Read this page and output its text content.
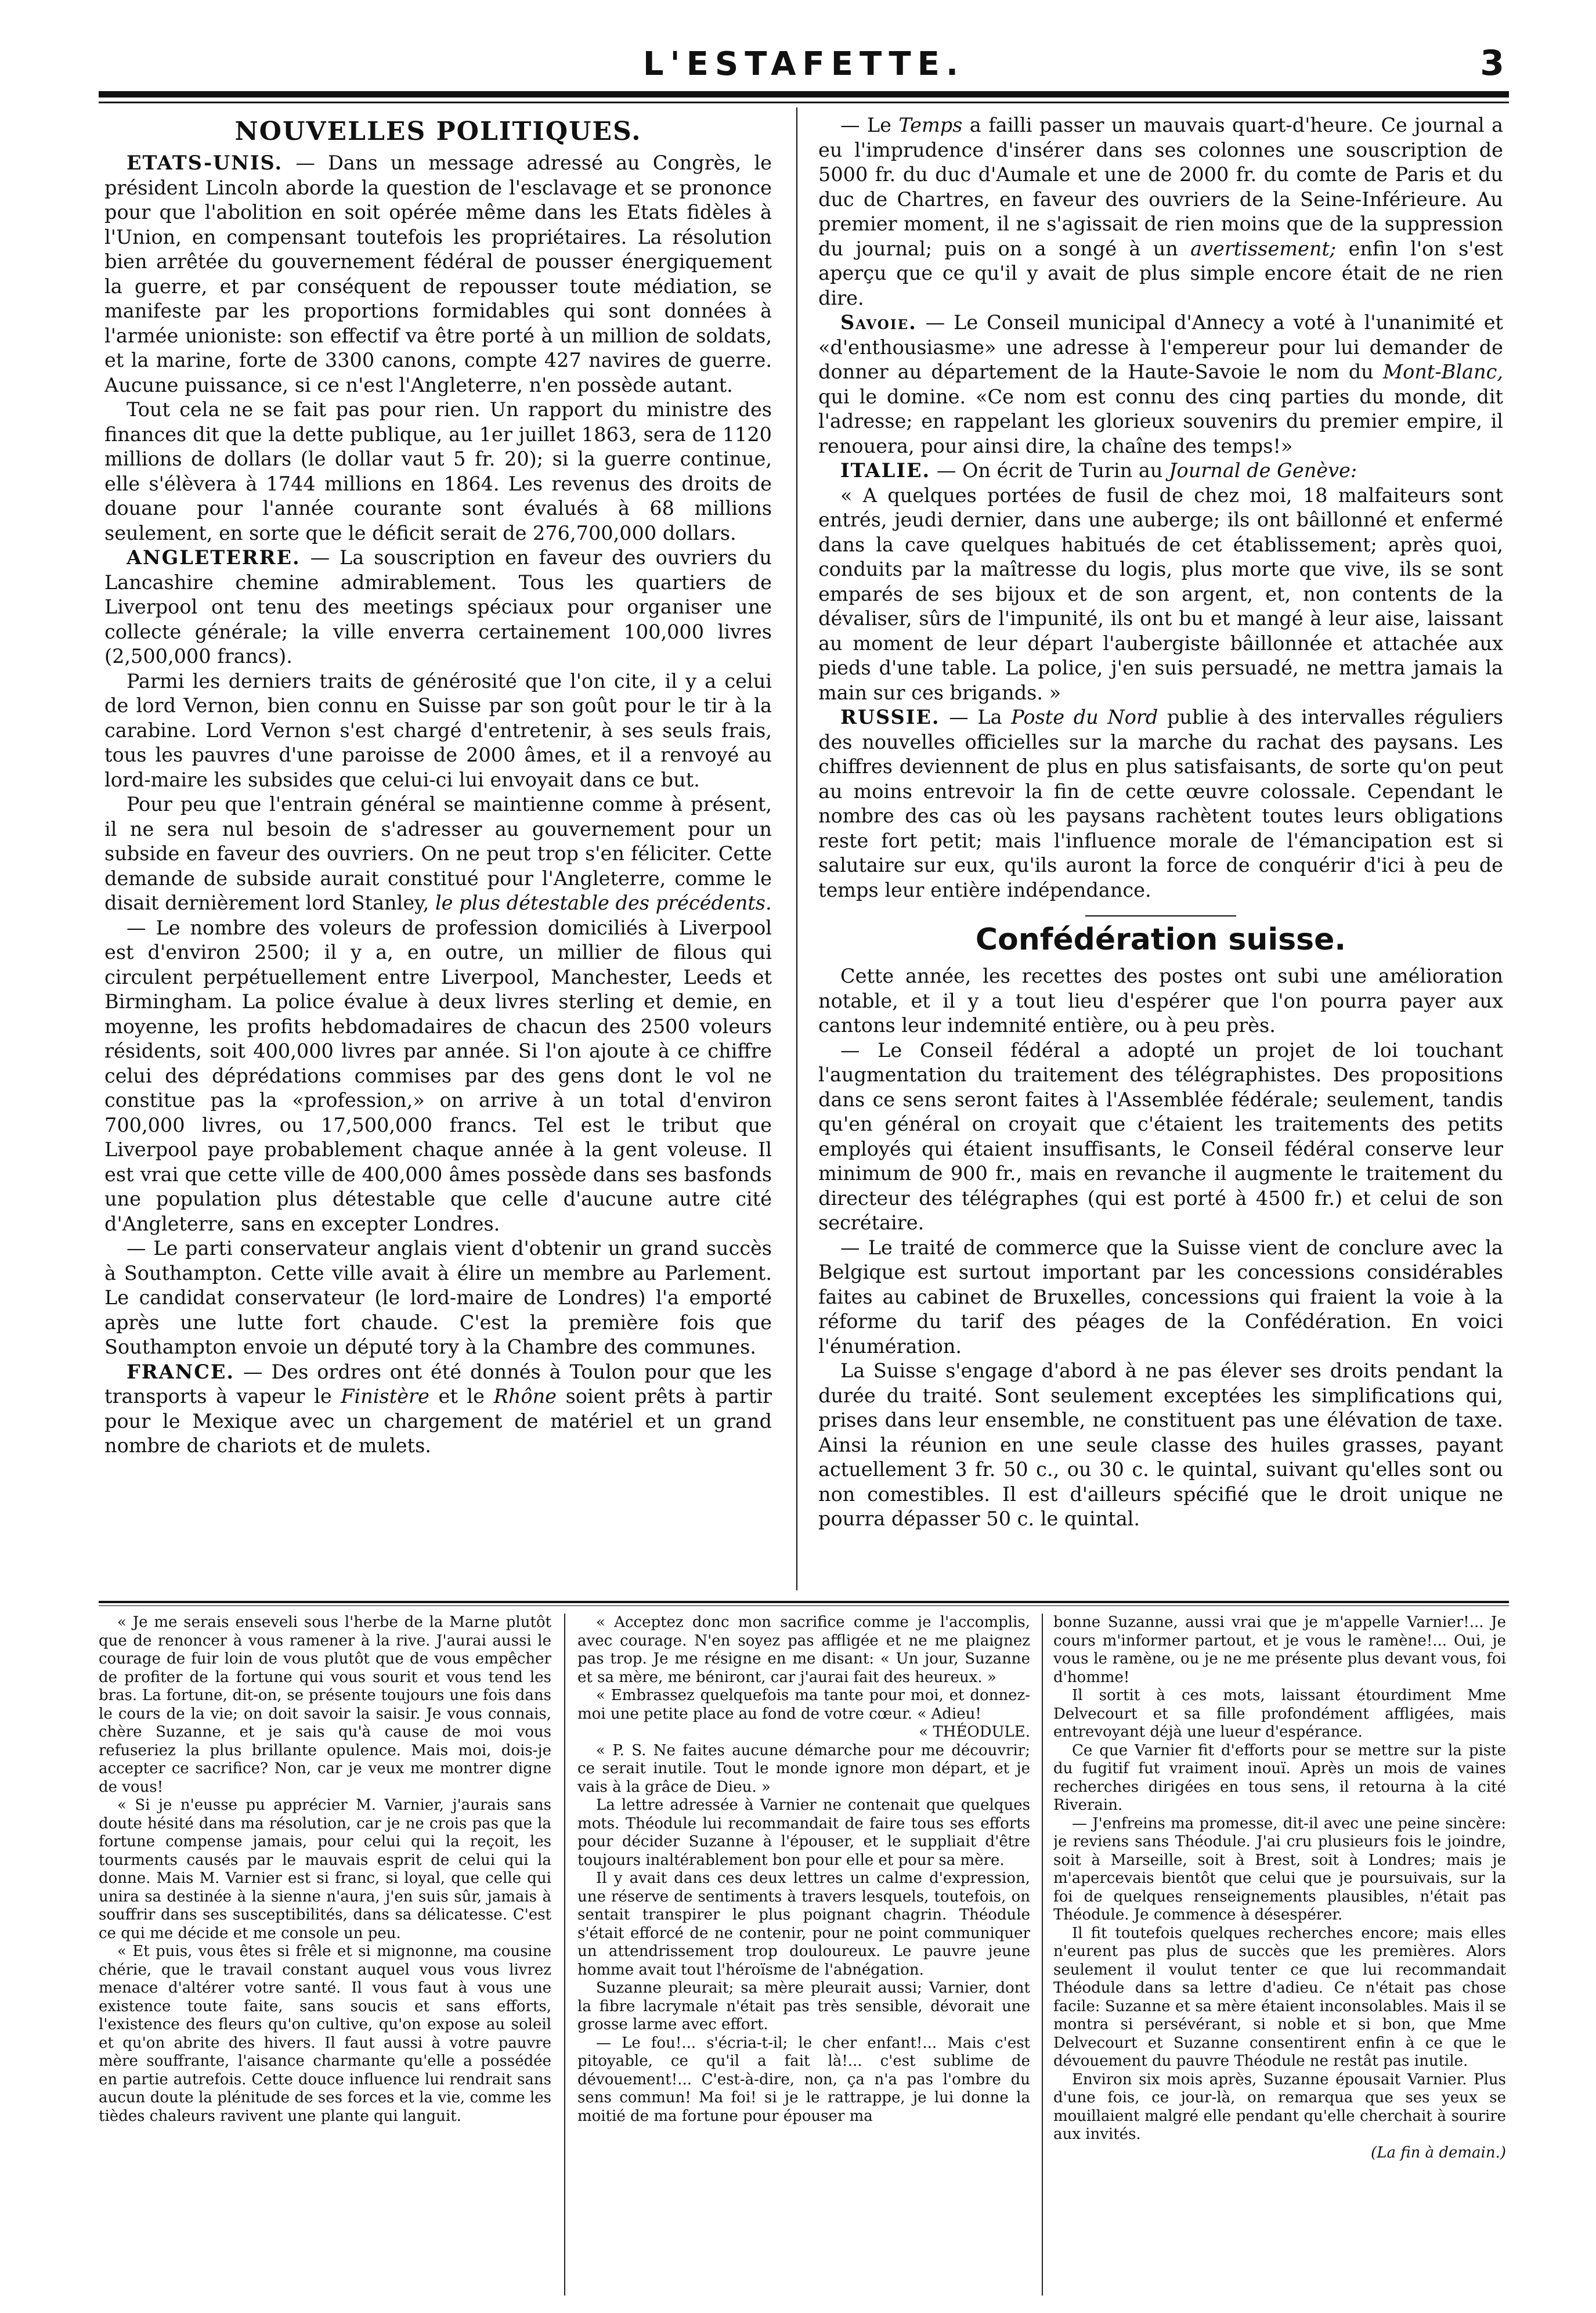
L'ESTAFETTE.	3
NOUVELLES POLITIQUES.

ETATS-UNIS. — Dans un message adressé au Congrès, le président Lincoln aborde la question de l'esclavage et se prononce pour que l'abolition en soit opérée même dans les Etats fidèles à l'Union, en compensant toutefois les propriétaires. La résolution bien arrêtée du gouvernement fédéral de pousser énergiquement la guerre, et par conséquent de repousser toute médiation, se manifeste par les proportions formidables qui sont données à l'armée unioniste: son effectif va être porté à un million de soldats, et la marine, forte de 3300 canons, compte 427 navires de guerre. Aucune puissance, si ce n'est l'Angleterre, n'en possède autant.

Tout cela ne se fait pas pour rien. Un rapport du ministre des finances dit que la dette publique, au 1er juillet 1863, sera de 1120 millions de dollars (le dollar vaut 5 fr. 20); si la guerre continue, elle s'élèvera à 1744 millions en 1864. Les revenus des droits de douane pour l'année courante sont évalués à 68 millions seulement, en sorte que le déficit serait de 276,700,000 dollars.

ANGLETERRE. — La souscription en faveur des ouvriers du Lancashire chemine admirablement. Tous les quartiers de Liverpool ont tenu des meetings spéciaux pour organiser une collecte générale; la ville enverra certainement 100,000 livres (2,500,000 francs).

Parmi les derniers traits de générosité que l'on cite, il y a celui de lord Vernon, bien connu en Suisse par son goût pour le tir à la carabine. Lord Vernon s'est chargé d'entretenir, à ses seuls frais, tous les pauvres d'une paroisse de 2000 âmes, et il a renvoyé au lord-maire les subsides que celui-ci lui envoyait dans ce but.

Pour peu que l'entrain général se maintienne comme à présent, il ne sera nul besoin de s'adresser au gouvernement pour un subside en faveur des ouvriers. On ne peut trop s'en féliciter. Cette demande de subside aurait constitué pour l'Angleterre, comme le disait dernièrement lord Stanley, le plus détestable des précédents.

— Le nombre des voleurs de profession domiciliés à Liverpool est d'environ 2500; il y a, en outre, un millier de filous qui circulent perpétuellement entre Liverpool, Manchester, Leeds et Birmingham. La police évalue à deux livres sterling et demie, en moyenne, les profits hebdomadaires de chacun des 2500 voleurs résidents, soit 400,000 livres par année. Si l'on ajoute à ce chiffre celui des déprédations commises par des gens dont le vol ne constitue pas la «profession,» on arrive à un total d'environ 700,000 livres, ou 17,500,000 francs. Tel est le tribut que Liverpool paye probablement chaque année à la gent voleuse. Il est vrai que cette ville de 400,000 âmes possède dans ses basfonds une population plus détestable que celle d'aucune autre cité d'Angleterre, sans en excepter Londres.

— Le parti conservateur anglais vient d'obtenir un grand succès à Southampton. Cette ville avait à élire un membre au Parlement. Le candidat conservateur (le lord-maire de Londres) l'a emporté après une lutte fort chaude. C'est la première fois que Southampton envoie un député tory à la Chambre des communes.

FRANCE. — Des ordres ont été donnés à Toulon pour que les transports à vapeur le Finistère et le Rhône soient prêts à partir pour le Mexique avec un chargement de matériel et un grand nombre de chariots et de mulets.

— Le Temps a failli passer un mauvais quart-d'heure. Ce journal a eu l'imprudence d'insérer dans ses colonnes une souscription de 5000 fr. du duc d'Aumale et une de 2000 fr. du comte de Paris et du duc de Chartres, en faveur des ouvriers de la Seine-Inférieure. Au premier moment, il ne s'agissait de rien moins que de la suppression du journal; puis on a songé à un avertissement; enfin l'on s'est aperçu que ce qu'il y avait de plus simple encore était de ne rien dire.

Savoie. — Le Conseil municipal d'Annecy a voté à l'unanimité et «d'enthousiasme» une adresse à l'empereur pour lui demander de donner au département de la Haute-Savoie le nom du Mont-Blanc, qui le domine. «Ce nom est connu des cinq parties du monde, dit l'adresse; en rappelant les glorieux souvenirs du premier empire, il renouera, pour ainsi dire, la chaîne des temps!»

ITALIE. — On écrit de Turin au Journal de Genève:

« A quelques portées de fusil de chez moi, 18 malfaiteurs sont entrés, jeudi dernier, dans une auberge; ils ont bâillonné et enfermé dans la cave quelques habitués de cet établissement; après quoi, conduits par la maîtresse du logis, plus morte que vive, ils se sont emparés de ses bijoux et de son argent, et, non contents de la dévaliser, sûrs de l'impunité, ils ont bu et mangé à leur aise, laissant au moment de leur départ l'aubergiste bâillonnée et attachée aux pieds d'une table. La police, j'en suis persuadé, ne mettra jamais la main sur ces brigands. »

RUSSIE. — La Poste du Nord publie à des intervalles réguliers des nouvelles officielles sur la marche du rachat des paysans. Les chiffres deviennent de plus en plus satisfaisants, de sorte qu'on peut au moins entrevoir la fin de cette œuvre colossale. Cependant le nombre des cas où les paysans rachètent toutes leurs obligations reste fort petit; mais l'influence morale de l'émancipation est si salutaire sur eux, qu'ils auront la force de conquérir d'ici à peu de temps leur entière indépendance.

Confédération suisse.

Cette année, les recettes des postes ont subi une amélioration notable, et il y a tout lieu d'espérer que l'on pourra payer aux cantons leur indemnité entière, ou à peu près.

— Le Conseil fédéral a adopté un projet de loi touchant l'augmentation du traitement des télégraphistes. Des propositions dans ce sens seront faites à l'Assemblée fédérale; seulement, tandis qu'en général on croyait que c'étaient les traitements des petits employés qui étaient insuffisants, le Conseil fédéral conserve leur minimum de 900 fr., mais en revanche il augmente le traitement du directeur des télégraphes (qui est porté à 4500 fr.) et celui de son secrétaire.

— Le traité de commerce que la Suisse vient de conclure avec la Belgique est surtout important par les concessions considérables faites au cabinet de Bruxelles, concessions qui fraient la voie à la réforme du tarif des péages de la Confédération. En voici l'énumération.

La Suisse s'engage d'abord à ne pas élever ses droits pendant la durée du traité. Sont seulement exceptées les simplifications qui, prises dans leur ensemble, ne constituent pas une élévation de taxe. Ainsi la réunion en une seule classe des huiles grasses, payant actuellement 3 fr. 50 c., ou 30 c. le quintal, suivant qu'elles sont ou non comestibles. Il est d'ailleurs spécifié que le droit unique ne pourra dépasser 50 c. le quintal.

« Je me serais enseveli sous l'herbe de la Marne plutôt que de renoncer à vous ramener à la rive. J'aurai aussi le courage de fuir loin de vous plutôt que de vous empêcher de profiter de la fortune qui vous sourit et vous tend les bras. La fortune, dit-on, se présente toujours une fois dans le cours de la vie; on doit savoir la saisir. Je vous connais, chère Suzanne, et je sais qu'à cause de moi vous refuseriez la plus brillante opulence. Mais moi, dois-je accepter ce sacrifice? Non, car je veux me montrer digne de vous!

« Si je n'eusse pu apprécier M. Varnier, j'aurais sans doute hésité dans ma résolution, car je ne crois pas que la fortune compense jamais, pour celui qui la reçoit, les tourments causés par le mauvais esprit de celui qui la donne. Mais M. Varnier est si franc, si loyal, que celle qui unira sa destinée à la sienne n'aura, j'en suis sûr, jamais à souffrir dans ses susceptibilités, dans sa délicatesse. C'est ce qui me décide et me console un peu.

« Et puis, vous êtes si frêle et si mignonne, ma cousine chérie, que le travail constant auquel vous vous livrez menace d'altérer votre santé. Il vous faut à vous une existence toute faite, sans soucis et sans efforts, l'existence des fleurs qu'on cultive, qu'on expose au soleil et qu'on abrite des hivers. Il faut aussi à votre pauvre mère souffrante, l'aisance charmante qu'elle a possédée en partie autrefois. Cette douce influence lui rendrait sans aucun doute la plénitude de ses forces et la vie, comme les tièdes chaleurs ravivent une plante qui languit.

« Acceptez donc mon sacrifice comme je l'accomplis, avec courage. N'en soyez pas affligée et ne me plaignez pas trop. Je me résigne en me disant: « Un jour, Suzanne et sa mère, me béniront, car j'aurai fait des heureux. »

« Embrassez quelquefois ma tante pour moi, et donnez-moi une petite place au fond de votre cœur. « Adieu!

« THÉODULE.

« P. S. Ne faites aucune démarche pour me découvrir; ce serait inutile. Tout le monde ignore mon départ, et je vais à la grâce de Dieu. »

La lettre adressée à Varnier ne contenait que quelques mots. Théodule lui recommandait de faire tous ses efforts pour décider Suzanne à l'épouser, et le suppliait d'être toujours inaltérablement bon pour elle et pour sa mère.

Il y avait dans ces deux lettres un calme d'expression, une réserve de sentiments à travers lesquels, toutefois, on sentait transpirer le plus poignant chagrin. Théodule s'était efforcé de ne contenir, pour ne point communiquer un attendrissement trop douloureux. Le pauvre jeune homme avait tout l'héroïsme de l'abnégation.

Suzanne pleurait; sa mère pleurait aussi; Varnier, dont la fibre lacrymale n'était pas très sensible, dévorait une grosse larme avec effort.

— Le fou!... s'écria-t-il; le cher enfant!... Mais c'est pitoyable, ce qu'il a fait là!... c'est sublime de dévouement!... C'est-à-dire, non, ça n'a pas l'ombre du sens commun! Ma foi! si je le rattrappe, je lui donne la moitié de ma fortune pour épouser ma

bonne Suzanne, aussi vrai que je m'appelle Varnier!... Je cours m'informer partout, et je vous le ramène!... Oui, je vous le ramène, ou je ne me présente plus devant vous, foi d'homme!

Il sortit à ces mots, laissant étourdiment Mme Delvecourt et sa fille profondément affligées, mais entrevoyant déjà une lueur d'espérance.

Ce que Varnier fit d'efforts pour se mettre sur la piste du fugitif fut vraiment inouï. Après un mois de vaines recherches dirigées en tous sens, il retourna à la cité Riverain.

— J'enfreins ma promesse, dit-il avec une peine sincère: je reviens sans Théodule. J'ai cru plusieurs fois le joindre, soit à Marseille, soit à Brest, soit à Londres; mais je m'apercevais bientôt que celui que je poursuivais, sur la foi de quelques renseignements plausibles, n'était pas Théodule. Je commence à désespérer.

Il fit toutefois quelques recherches encore; mais elles n'eurent pas plus de succès que les premières. Alors seulement il voulut tenter ce que lui recommandait Théodule dans sa lettre d'adieu. Ce n'était pas chose facile: Suzanne et sa mère étaient inconsolables. Mais il se montra si persévérant, si noble et si bon, que Mme Delvecourt et Suzanne consentirent enfin à ce que le dévouement du pauvre Théodule ne restât pas inutile.

Environ six mois après, Suzanne épousait Varnier. Plus d'une fois, ce jour-là, on remarqua que ses yeux se mouillaient malgré elle pendant qu'elle cherchait à sourire aux invités.

(La fin à demain.)
